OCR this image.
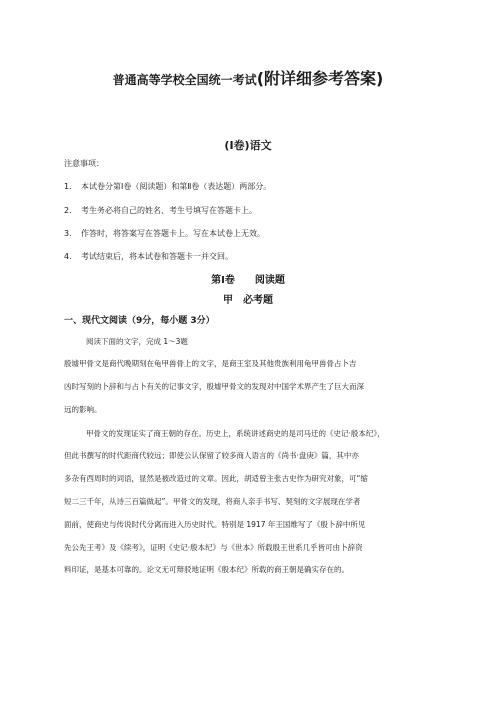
普通高等学校全国统一考试(附详细参考答案)
(Ⅰ卷)语文
注意事项：
1． 本试卷分第Ⅰ卷（阅读题）和第Ⅱ卷（表达题）两部分。
2． 考生务必将自己的姓名、考生号填写在答题卡上。
3． 作答时，将答案写在答题卡上。写在本试卷上无效。
4． 考试结束后，将本试卷和答题卡一并交回。
第Ⅰ卷　　阅读题
甲　必考题
一、现代文阅读（9分，每小题 3分）
阅读下面的文字，完成 1～3题
殷墟甲骨文是商代晚期刻在龟甲兽骨上的文字，是商王室及其他贵族利用龟甲兽骨占卜吉
凶时写刻的卜辞和与占卜有关的记事文字，殷墟甲骨文的发现对中国学术界产生了巨大而深
远的影响。
甲骨文的发现证实了商王朝的存在。历史上，系统讲述商史的是司马迁的《史记·殷本纪》，
但此书撰写的时代距商代较远；即使公认保留了较多商人语言的《尚书·盘庚》篇，其中亦
多杂有西周时的词语，显然是被改造过的文章。因此，胡适曾主张古史作为研究对象，可“缩
短二三千年，从诗三百篇做起”。甲骨文的发现，将商人亲手书写、契刻的文字展现在学者
面前，使商史与传说时代分离而进入历史时代。特别是 1917 年王国维写了《殷卜辞中所见
先公先王考》及《续考》，证明《史记·殷本纪》与《世本》所载殷王世系几乎皆可由卜辞资
料印证，是基本可靠的。论文无可辩驳地证明《殷本纪》所载的商王朝是确实存在的。
